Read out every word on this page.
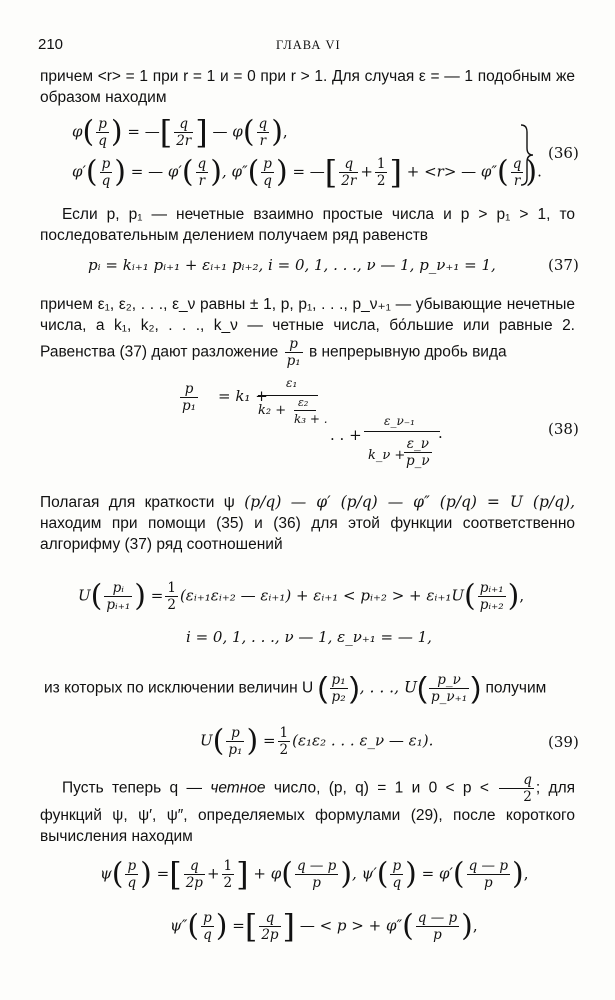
210	ГЛАВА VI
причем <r> = 1 при r = 1 и = 0 при r > 1. Для случая ε = — 1 подобным же образом находим
$\varphi( \frac{p}{q}$ ) = —[ $\frac{q}{2r}$ ] — $\varphi( \frac{q}{r}$ ),
$\varphi'( \frac{p}{q}$ ) = — $\varphi'( \frac{q}{r}$ ), $\varphi''( \frac{p}{q}$ ) = —[ $\frac{q}{2r} + \frac{1}{2}$ ] + <r> — $\varphi''( \frac{q}{r}$ ).
(36)
Если p, p₁ — нечетные взаимно простые числа и p > p₁ > 1, то последовательным делением получаем ряд равенств
pᵢ = kᵢ₊₁ pᵢ₊₁ + εᵢ₊₁ pᵢ₊₂, i = 0, 1, . . ., ν — 1, p_ν₊₁ = 1,	(37)
причем ε₁, ε₂, . . ., ε_ν равны ± 1, p, p₁, . . ., p_ν₊₁ — убывающие нечетные числа, а k₁, k₂, . . ., k_ν — четные числа, бо́льшие или равные 2. Равенства (37) дают разложение $\frac{p}{\text{p₁}}$ в непрерывную дробь вида
$\frac{p}{\text{p₁}} = k_1$ +
ε₁
k₂ +
ε₂
k₃ + .
. . +
ε_ν₋₁
k_ν +
$\frac{\varepsilon\_\nu}{p\_\nu}$
.	(38)
Полагая для краткости ψ (p/q) — φ′ (p/q) — φ″ (p/q) = U (p/q), находим при помощи (35) и (36) для этой функции соответственно алгорифму (37) ряд соотношений
$U( \frac{\text{pᵢ}}{\text{pᵢ₊₁}}$ ) = $\frac{1}{2}$ (εᵢ₊₁εᵢ₊₂ — εᵢ₊₁) + εᵢ₊₁ < pᵢ₊₂ > + εᵢ₊₁U( $\frac{\text{pᵢ₊₁}}{\text{pᵢ₊₂}}$ ),
i = 0, 1, . . ., ν — 1, ε_ν₊₁ = — 1,
из которых по исключении величин U ( $\frac{\text{p₁}}{\text{p₂}}$ ), . . ., $U( \frac{p\_\nu}{\text{p\_ν₊₁}}$ ) получим
$U( \frac{p}{\text{p₁}}$ ) = $\frac{1}{2} (\varepsilon_1\varepsilon_2$ . . . ε_ν — ε₁).	(39)
Пусть теперь q — четное число, (p, q) = 1 и $0 < p < \frac{q}{2}$ ; для функций ψ, ψ′, ψ″, определяемых формулами (29), после короткого вычисления находим
$\psi( \frac{p}{q}$ ) =[ $\frac{q}{2p} + \frac{1}{2}$ ] + $\varphi( \frac{q — p}{p}$ ), $\psi'( \frac{p}{q}$ ) = $\varphi'( \frac{q — p}{p}$ ),
$\psi''( \frac{p}{q}$ ) =[ $\frac{q}{2p}$ ] — < p > + $\varphi''( \frac{q — p}{p}$ ),
